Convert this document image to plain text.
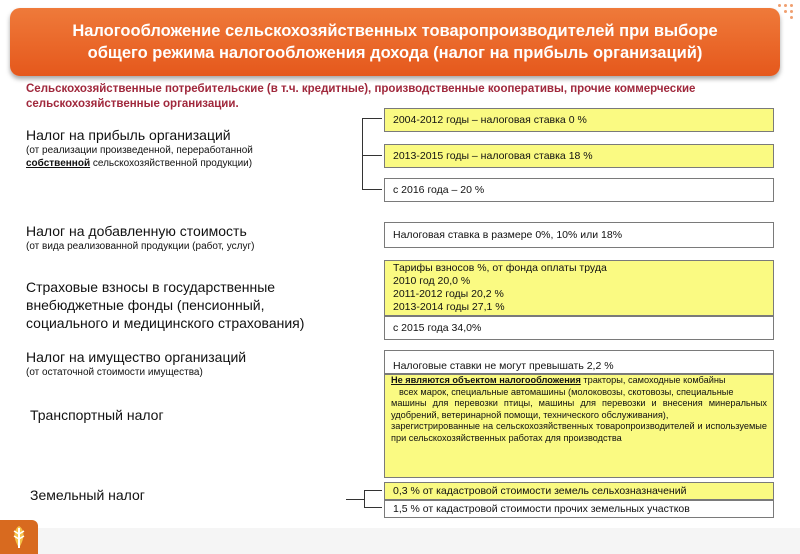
Налогообложение сельскохозяйственных товаропроизводителей при выборе общего режима налогообложения дохода (налог на прибыль организаций)
Сельскохозяйственные потребительские (в т.ч. кредитные), производственные кооперативы, прочие коммерческие сельскохозяйственные организации.
Налог на прибыль организаций
(от реализации произведенной, переработанной
собственной сельскохозяйственной продукции)
2004-2012 годы – налоговая ставка 0 %
2013-2015 годы – налоговая ставка 18 %
с 2016 года – 20 %
Налог на добавленную стоимость
(от вида реализованной продукции (работ, услуг)
Налоговая ставка в размере 0%, 10% или 18%
Страховые взносы в государственные
внебюджетные фонды (пенсионный,
социального и медицинского страхования)
Тарифы взносов %, от фонда оплаты труда
2010 год 20,0 %
2011-2012 годы 20,2 %
2013-2014 годы 27,1 %
с 2015 года 34,0%
Налог на имущество организаций
(от остаточной стоимости имущества)
Налоговые ставки не могут превышать 2,2 %
Транспортный налог
Не являются объектом налогообложения тракторы, самоходные комбайны
всех марок, специальные автомашины (молоковозы, скотовозы, специальные
машины для перевозки птицы, машины для перевозки и внесения минеральных удобрений, ветеринарной помощи, технического обслуживания),
зарегистрированные на сельскохозяйственных товаропроизводителей и используемые при сельскохозяйственных работах для производства
Земельный налог	0,3 % от кадастровой стоимости земель сельхозназначений
1,5 % от кадастровой стоимости прочих земельных участков
